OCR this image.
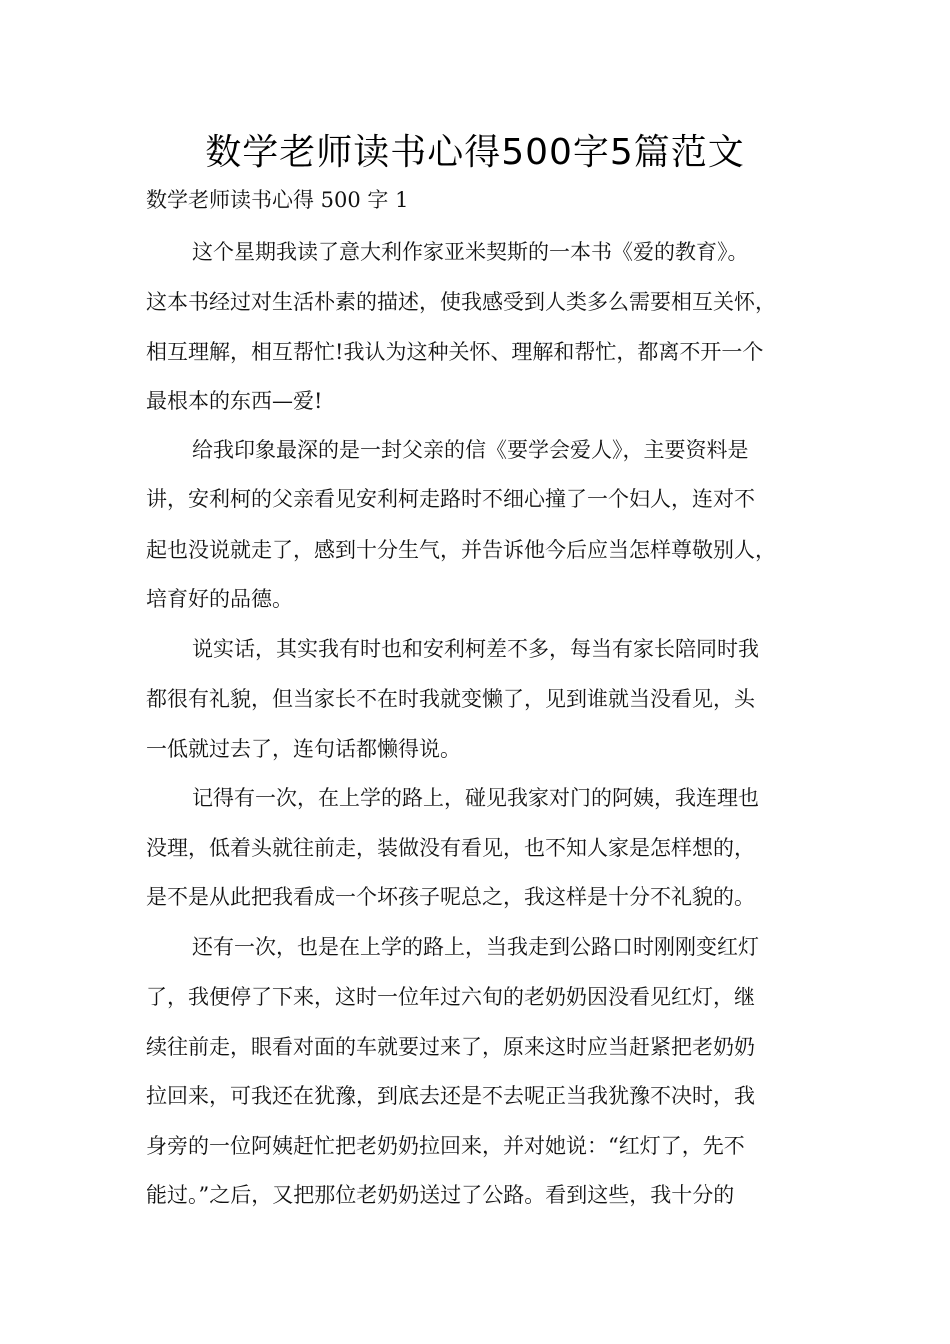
数学老师读书心得500字5篇范文
数学老师读书心得 500 字 1
这个星期我读了意大利作家亚米契斯的一本书《爱的教育》。
这本书经过对生活朴素的描述，使我感受到人类多么需要相互关怀，
相互理解，相互帮忙!我认为这种关怀、理解和帮忙，都离不开一个
最根本的东西—爱!
给我印象最深的是一封父亲的信《要学会爱人》，主要资料是
讲，安利柯的父亲看见安利柯走路时不细心撞了一个妇人，连对不
起也没说就走了，感到十分生气，并告诉他今后应当怎样尊敬别人，
培育好的品德。
说实话，其实我有时也和安利柯差不多，每当有家长陪同时我
都很有礼貌，但当家长不在时我就变懒了，见到谁就当没看见，头
一低就过去了，连句话都懒得说。
记得有一次，在上学的路上，碰见我家对门的阿姨，我连理也
没理，低着头就往前走，装做没有看见，也不知人家是怎样想的，
是不是从此把我看成一个坏孩子呢总之，我这样是十分不礼貌的。
还有一次，也是在上学的路上，当我走到公路口时刚刚变红灯
了，我便停了下来，这时一位年过六旬的老奶奶因没看见红灯，继
续往前走，眼看对面的车就要过来了，原来这时应当赶紧把老奶奶
拉回来，可我还在犹豫，到底去还是不去呢正当我犹豫不决时，我
身旁的一位阿姨赶忙把老奶奶拉回来，并对她说：“红灯了，先不
能过。”之后，又把那位老奶奶送过了公路。看到这些，我十分的
